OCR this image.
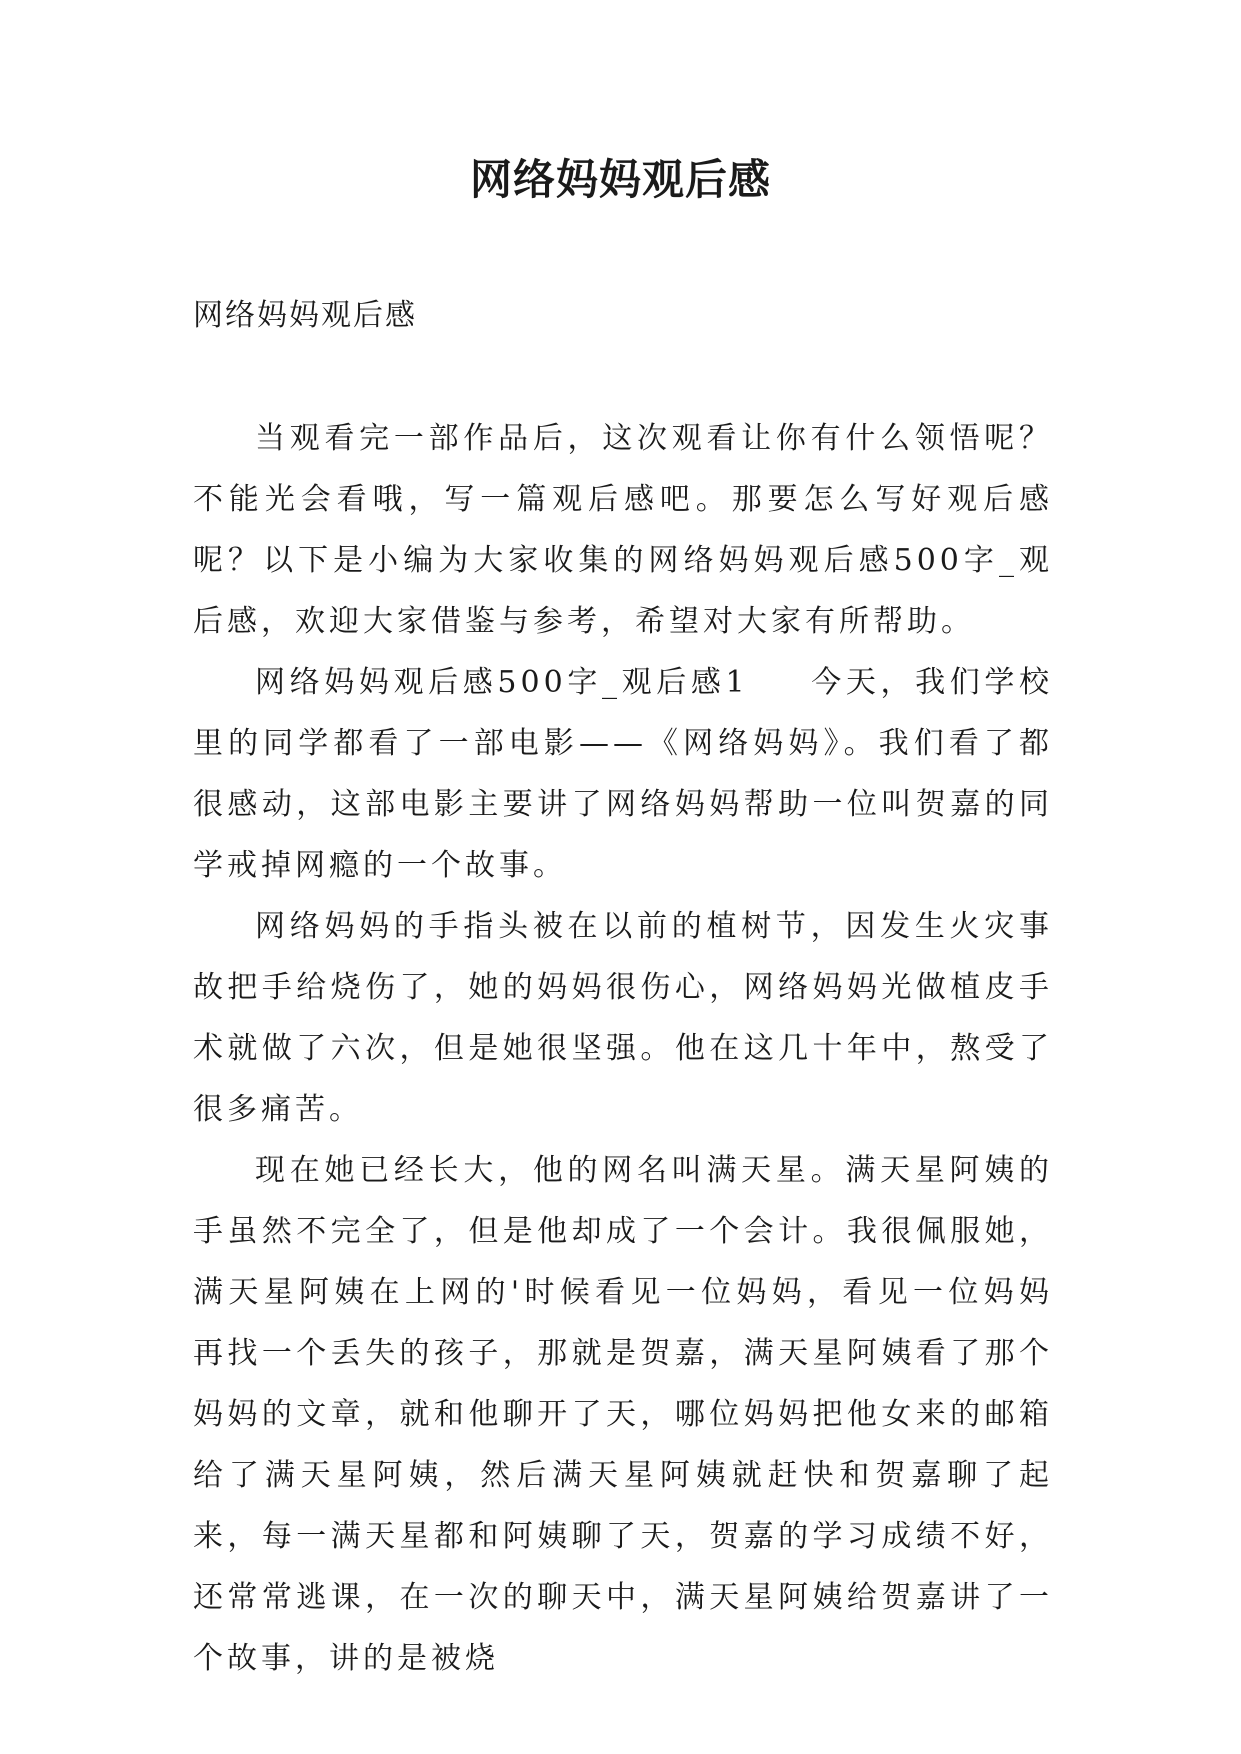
网络妈妈观后感

网络妈妈观后感

当观看完一部作品后，这次观看让你有什么领悟呢？不能光会看哦，写一篇观后感吧。那要怎么写好观后感呢？以下是小编为大家收集的网络妈妈观后感500字_观后感，欢迎大家借鉴与参考，希望对大家有所帮助。

网络妈妈观后感500字_观后感1 今天，我们学校里的同学都看了一部电影——《网络妈妈》。我们看了都很感动，这部电影主要讲了网络妈妈帮助一位叫贺嘉的同学戒掉网瘾的一个故事。

网络妈妈的手指头被在以前的植树节，因发生火灾事故把手给烧伤了，她的妈妈很伤心，网络妈妈光做植皮手术就做了六次，但是她很坚强。他在这几十年中，熬受了很多痛苦。

现在她已经长大，他的网名叫满天星。满天星阿姨的手虽然不完全了，但是他却成了一个会计。我很佩服她，满天星阿姨在上网的'时候看见一位妈妈，看见一位妈妈再找一个丢失的孩子，那就是贺嘉，满天星阿姨看了那个妈妈的文章，就和他聊开了天，哪位妈妈把他女来的邮箱给了满天星阿姨，然后满天星阿姨就赶快和贺嘉聊了起来，每一满天星都和阿姨聊了天，贺嘉的学习成绩不好，还常常逃课，在一次的聊天中，满天星阿姨给贺嘉讲了一个故事，讲的是被烧
